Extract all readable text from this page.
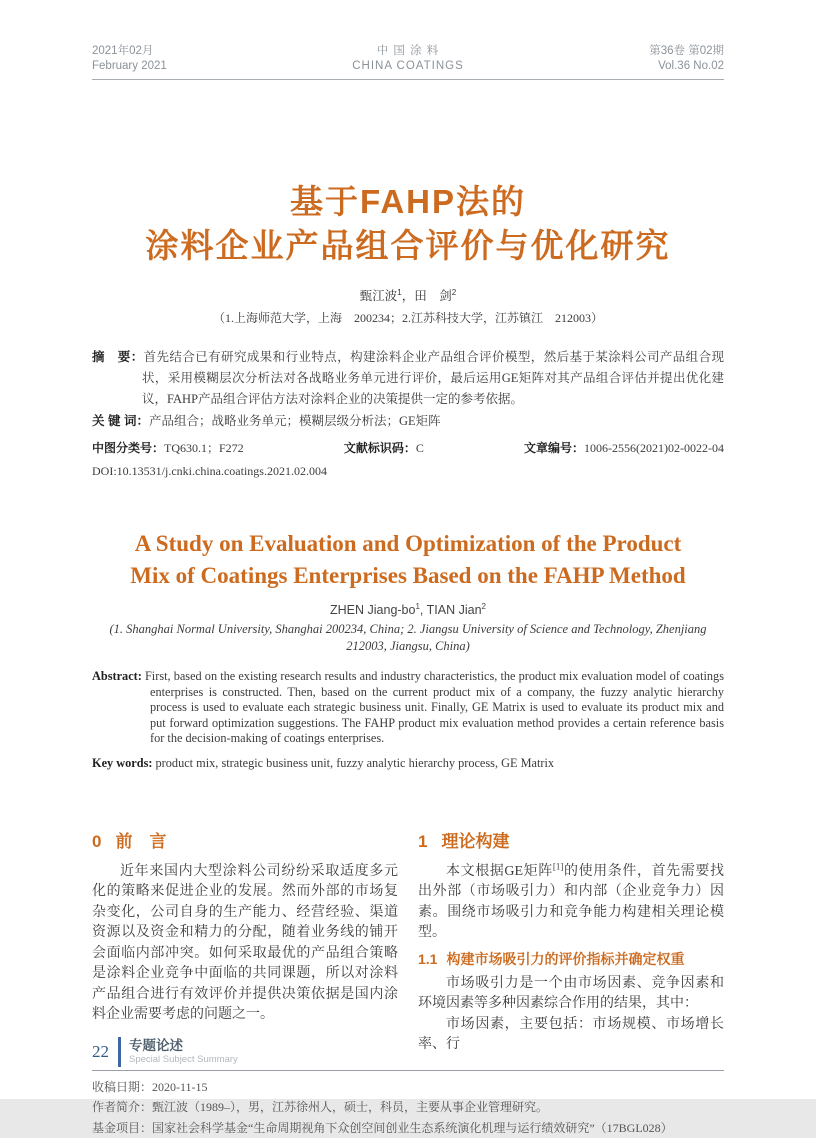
2021年02月
February 2021
中 国 涂 料
CHINA COATINGS
第36卷 第02期
Vol.36 No.02
基于FAHP法的
涂料企业产品组合评价与优化研究
甄江波$^1$，田　剑$^2$
（1.上海师范大学，上海　200234；2.江苏科技大学，江苏镇江　212003）
摘　要：首先结合已有研究成果和行业特点，构建涂料企业产品组合评价模型，然后基于某涂料公司产品组合现状，采用模糊层次分析法对各战略业务单元进行评价，最后运用GE矩阵对其产品组合评估并提出优化建议，FAHP产品组合评估方法对涂料企业的决策提供一定的参考依据。
关 键 词：产品组合；战略业务单元；模糊层级分析法；GE矩阵
中图分类号：TQ630.1；F272	文献标识码：C	文章编号：1006-2556(2021)02-0022-04
DOI:10.13531/j.cnki.china.coatings.2021.02.004
A Study on Evaluation and Optimization of the Product
Mix of Coatings Enterprises Based on the FAHP Method
ZHEN Jiang-$bo^1$, TIAN Jian$^2$
(1. Shanghai Normal University, Shanghai 200234, China; 2. Jiangsu University of Science and Technology, Zhenjiang 212003, Jiangsu, China)
Abstract: First, based on the existing research results and industry characteristics, the product mix evaluation model of coatings enterprises is constructed. Then, based on the current product mix of a company, the fuzzy analytic hierarchy process is used to evaluate each strategic business unit. Finally, GE Matrix is used to evaluate its product mix and put forward optimization suggestions. The FAHP product mix evaluation method provides a certain reference basis for the decision-making of coatings enterprises.
Key words: product mix, strategic business unit, fuzzy analytic hierarchy process, GE Matrix
0 前　言

近年来国内大型涂料公司纷纷采取适度多元化的策略来促进企业的发展。然而外部的市场复杂变化，公司自身的生产能力、经营经验、渠道资源以及资金和精力的分配，随着业务线的铺开会面临内部冲突。如何采取最优的产品组合策略是涂料企业竞争中面临的共同课题，所以对涂料产品组合进行有效评价并提供决策依据是国内涂料企业需要考虑的问题之一。

1 理论构建

本文根据GE矩阵[1]的使用条件，首先需要找出外部（市场吸引力）和内部（企业竞争力）因素。围绕市场吸引力和竞争能力构建相关理论模型。

1.1 构建市场吸引力的评价指标并确定权重

市场吸引力是一个由市场因素、竞争因素和环境因素等多种因素综合作用的结果，其中：

市场因素，主要包括：市场规模、市场增长率、行

收稿日期：2020-11-15
作者简介：甄江波（1989–），男，江苏徐州人，硕士，科员，主要从事企业管理研究。
基金项目：国家社会科学基金“生命周期视角下众创空间创业生态系统演化机理与运行绩效研究”（17BGL028）
22 专题论述
Special Subject Summary
